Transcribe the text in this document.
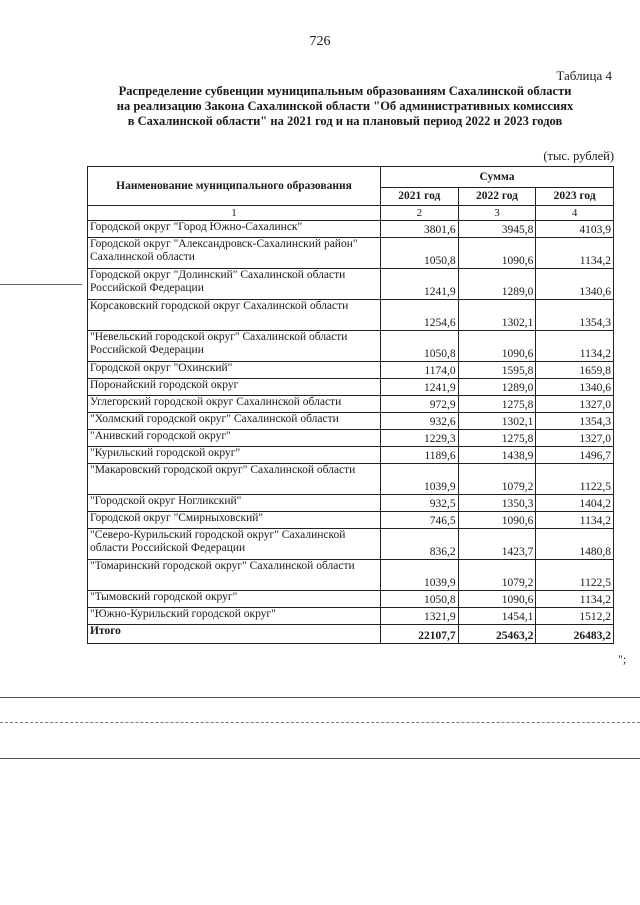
726
Таблица 4
Распределение субвенции муниципальным образованиям Сахалинской области
на реализацию Закона Сахалинской области "Об административных комиссиях
в Сахалинской области" на 2021 год и на плановый период 2022 и 2023 годов
(тыс. рублей)
Наименование муниципального образования	Сумма		
	2021 год	2022 год	2023 год
1	2	3	4
Городской округ "Город Южно-Сахалинск"	3801,6	3945,8	4103,9
Городской округ "Александровск-Сахалинский район" Сахалинской области	1050,8	1090,6	1134,2
Городской округ "Долинский" Сахалинской области Российской Федерации	1241,9	1289,0	1340,6
Корсаковский городской округ Сахалинской области	1254,6	1302,1	1354,3
"Невельский городской округ" Сахалинской области Российской Федерации	1050,8	1090,6	1134,2
Городской округ "Охинский"	1174,0	1595,8	1659,8
Поронайский городской округ	1241,9	1289,0	1340,6
Углегорский городской округ Сахалинской области	972,9	1275,8	1327,0
"Холмский городской округ" Сахалинской области	932,6	1302,1	1354,3
"Анивский городской округ"	1229,3	1275,8	1327,0
"Курильский городской округ"	1189,6	1438,9	1496,7
"Макаровский городской округ" Сахалинской области	1039,9	1079,2	1122,5
"Городской округ Ногликский"	932,5	1350,3	1404,2
Городской округ "Смирныховский"	746,5	1090,6	1134,2
"Северо-Курильский городской округ" Сахалинской области Российской Федерации	836,2	1423,7	1480,8
"Томаринский городской округ" Сахалинской области	1039,9	1079,2	1122,5
"Тымовский городской округ"	1050,8	1090,6	1134,2
"Южно-Курильский городской округ"	1321,9	1454,1	1512,2
Итого	22107,7	25463,2	26483,2
";
